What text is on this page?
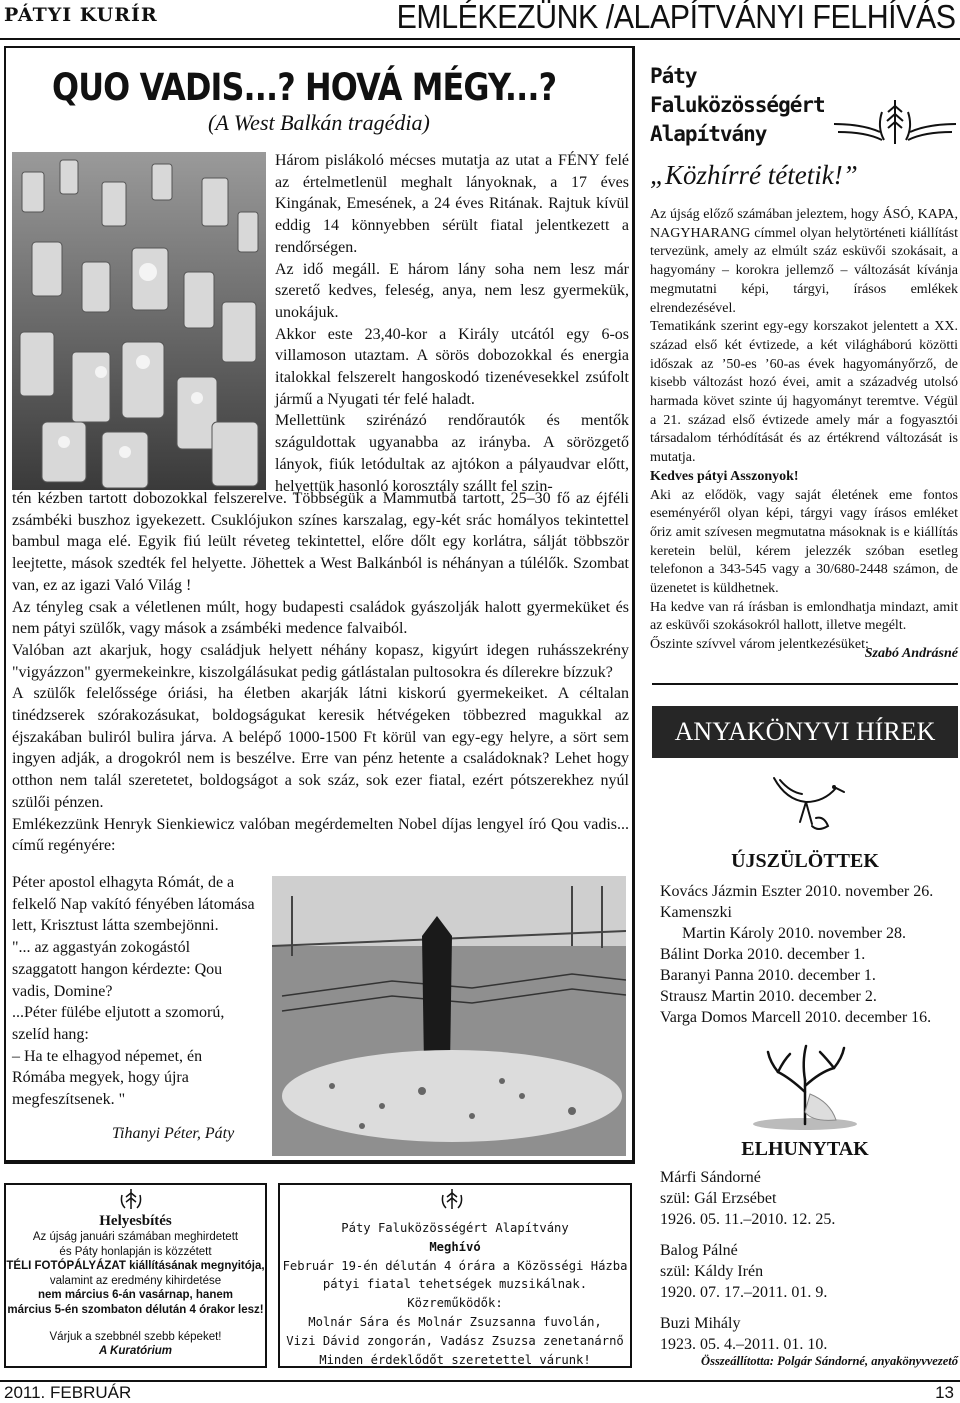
PÁTYI KURÍR	EMLÉKEZÜNK /ALAPÍTVÁNYI FELHÍVÁS
QUO VADIS...? HOVÁ MÉGY...?
(A West Balkán tragédia)

Három pislákoló mécses mutatja az utat a FÉNY felé az értelmetlenül meghalt lányoknak, a 17 éves Kingának, Emesének, a 24 éves Ritának. Rajtuk kívül eddig 14 könnyebben sérült fiatal jelentkezett a rendőrségen.

Az idő megáll. E három lány soha nem lesz már szerető kedves, feleség, anya, nem lesz gyermekük, unokájuk.

Akkor este 23,40-kor a Király utcától egy 6-os villamoson utaztam. A sörös dobozokkal és energia italokkal felszerelt hangoskodó tizenévesekkel zsúfolt jármű a Nyugati tér felé haladt.

Mellettünk szirénázó rendőrautók és mentők száguldottak ugyanabba az irányba. A sörözgető lányok, fiúk letódultak az ajtókon a pályaudvar előtt, helyettük hasonló korosztály szállt fel szin-

tén kézben tartott dobozokkal felszerelve. Többségük a Mammutba tartott, 25–30 fő az éjféli zsámbéki buszhoz igyekezett. Csuklójukon színes karszalag, egy-két srác homályos tekintettel bambul maga elé. Egyik fiú leült réveteg tekintettel, előre dőlt egy korlátra, sálját többször leejtette, mások szedték fel helyette. Jöhettek a West Balkánból is néhányan a túlélők. Szombat van, ez az igazi Való Világ !

Az tényleg csak a véletlenen múlt, hogy budapesti családok gyászolják halott gyermeküket és nem pátyi szülők, vagy mások a zsámbéki medence falvaiból.

Valóban azt akarjuk, hogy családjuk helyett néhány kopasz, kigyúrt idegen ruhásszekrény "vigyázzon" gyermekeinkre, kiszolgálásukat pedig gátlástalan pultosokra és dílerekre bízzuk?

A szülők felelőssége óriási, ha életben akarják látni kiskorú gyermekeiket. A céltalan tinédzserek szórakozásukat, boldogságukat keresik hétvégeken többezred magukkal az éjszakában buliról bulira járva. A belépő 1000-1500 Ft körül van egy-egy helyre, a sört sem ingyen adják, a drogokról nem is beszélve. Erre van pénz hetente a családoknak? Lehet hogy otthon nem talál szeretetet, boldogságot a sok száz, sok ezer fiatal, ezért pótszerekhez nyúl szülői pénzen.

Emlékezzünk Henryk Sienkiewicz valóban megérdemelten Nobel díjas lengyel író Qou vadis... című regényére:

Péter apostol elhagyta Rómát, de a felkelő Nap vakító fényében látomása lett, Krisztust látta szembejönni.

"... az aggastyán zokogástól szaggatott hangon kérdezte: Qou vadis, Domine?

...Péter fülébe eljutott a szomorú, szelíd hang:

– Ha te elhagyod népemet, én Rómába megyek, hogy újra megfeszítsenek. "

Tihanyi Péter, Páty
Páty
Faluközösségért
Alapítvány
„Közhírré tétetik!”

Az újság előző számában jeleztem, hogy ÁSÓ, KAPA, NAGYHARANG címmel olyan helytörténeti kiállítást tervezünk, amely az elmúlt száz esküvői szokásait, a hagyomány – korokra jellemző – változását kívánja megmutatni képi, tárgyi, írásos emlékek elrendezésével.

Tematikánk szerint egy-egy korszakot jelentett a XX. század első két évtizede, a két világháború közötti időszak az ’50-es ’60-as évek hagyományőrző, de kisebb változást hozó évei, amit a századvég utolsó harmada követ szinte új hagyományt teremtve. Végül a 21. század első évtizede amely már a fogyasztói társadalom térhódítását és az értékrend változását is mutatja.

Kedves pátyi Asszonyok!

Aki az elődök, vagy saját életének eme fontos eseményéről olyan képi, tárgyi vagy írásos emléket őriz amit szívesen megmutatna másoknak is e kiállítás keretein belül, kérem jelezzék szóban esetleg telefonon a 343-545 vagy a 30/680-2448 számon, de üzenetet is küldhetnek.

Ha kedve van rá írásban is emlondhatja mindazt, amit az esküvői szokásokról hallott, illetve megélt.

Őszinte szívvel várom jelentkezésüket:

Szabó Andrásné
ANYAKÖNYVI HÍREK
ÚJSZÜLÖTTEK
Kovács Jázmin Eszter 2010. november 26.
Kamenszki
Martin Károly 2010. november 28.
Bálint Dorka 2010. december 1.
Baranyi Panna 2010. december 1.
Strausz Martin 2010. december 2.
Varga Domos Marcell 2010. december 16.
ELHUNYTAK
Márfi Sándorné
szül: Gál Erzsébet
1926. 05. 11.–2010. 12. 25.
Balog Pálné
szül: Káldy Irén
1920. 07. 17.–2011. 01. 9.
Buzi Mihály
1923. 05. 4.–2011. 01. 10.
Összeállította: Polgár Sándorné, anyakönyvvezető
Helyesbítés
Az újság januári számában meghirdetett
és Páty honlapján is közzétett
TÉLI FOTÓPÁLYÁZAT kiállításának megnyitója,
valamint az eredmény kihirdetése
nem március 6-án vasárnap, hanem
március 5-én szombaton délután 4 órakor lesz!
Várjuk a szebbnél szebb képeket!
A Kuratórium
Páty Faluközösségért Alapítvány
Meghívó
Február 19-én délután 4 órára a Közösségi Házba
pátyi fiatal tehetségek muzsikálnak.
Közreműködők:
Molnár Sára és Molnár Zsuzsanna fuvolán,
Vizi Dávid zongorán, Vadász Zsuzsa zenetanárnő
Minden érdeklődőt szeretettel várunk!
2011. FEBRUÁR	13
